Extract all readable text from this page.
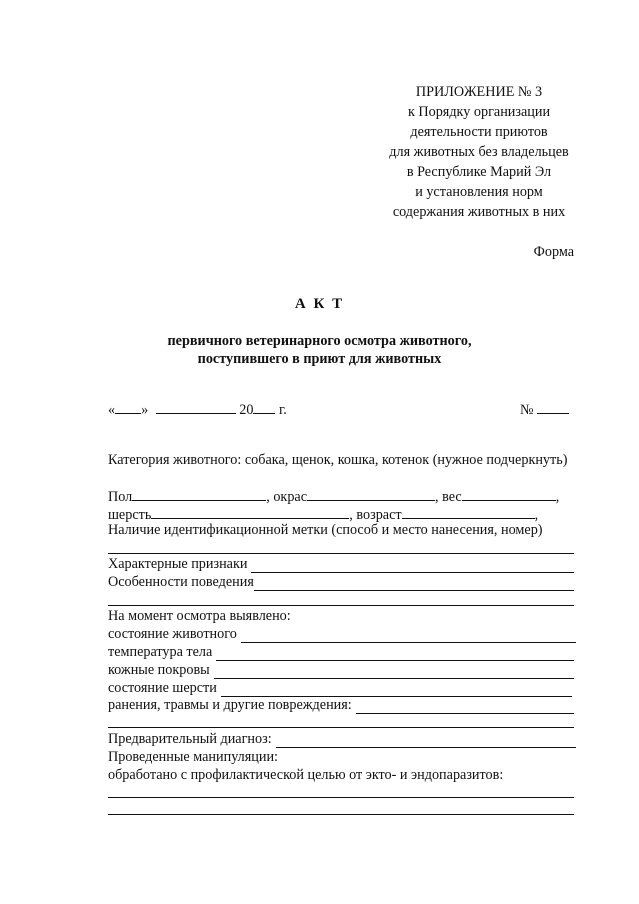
ПРИЛОЖЕНИЕ № 3
к Порядку организации
деятельности приютов
для животных без владельцев
в Республике Марий Эл
и установления норм
содержания животных в них
Форма
А К Т
первичного ветеринарного осмотра животного,
поступившего в приют для животных
« »	20 г.	№
Категория животного: собака, щенок, кошка, котенок (нужное подчеркнуть)
Пол	, окрас	, вес	,
шерсть	, возраст	,
Наличие идентификационной метки (способ и место нанесения, номер)
Характерные признаки
Особенности поведения
На момент осмотра выявлено:
состояние животного
температура тела
кожные покровы
состояние шерсти
ранения, травмы и другие повреждения:
Предварительный диагноз:
Проведенные манипуляции:
обработано с профилактической целью от экто- и эндопаразитов:
